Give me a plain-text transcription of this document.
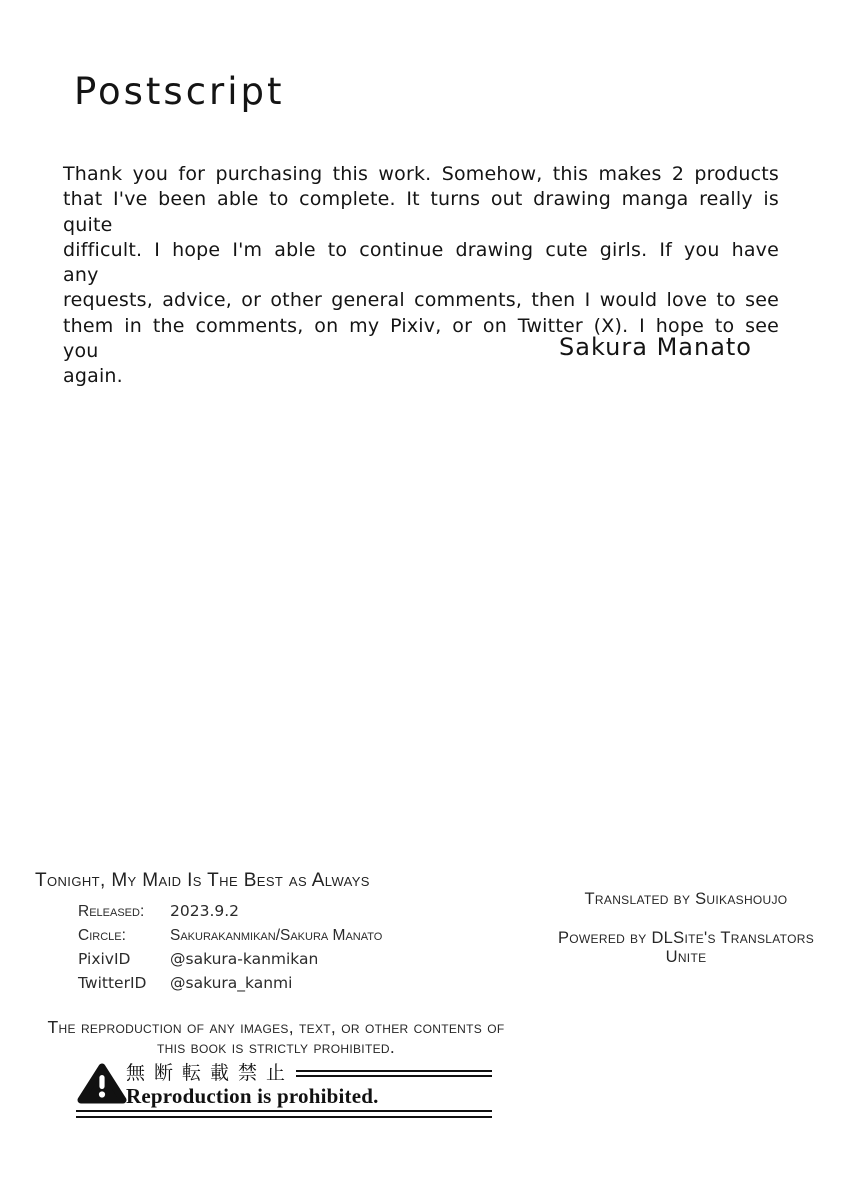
Postscript
Thank you for purchasing this work. Somehow, this makes 2 products
that I've been able to complete. It turns out drawing manga really is quite
difficult. I hope I'm able to continue drawing cute girls. If you have any
requests, advice, or other general comments, then I would love to see
them in the comments, on my Pixiv, or on Twitter (X). I hope to see you
again.
Sakura Manato
Tonight, My Maid Is The Best as Always
Released:	2023.9.2
Circle:	Sakurakanmikan/Sakura Manato
PixivID	@sakura-kanmikan
TwitterID	@sakura_kanmi
Translated by Suikashoujo
Powered by DLSite's Translators Unite
The reproduction of any images, text, or other contents of this book is strictly prohibited.
無断転載禁止
Reproduction is prohibited.
